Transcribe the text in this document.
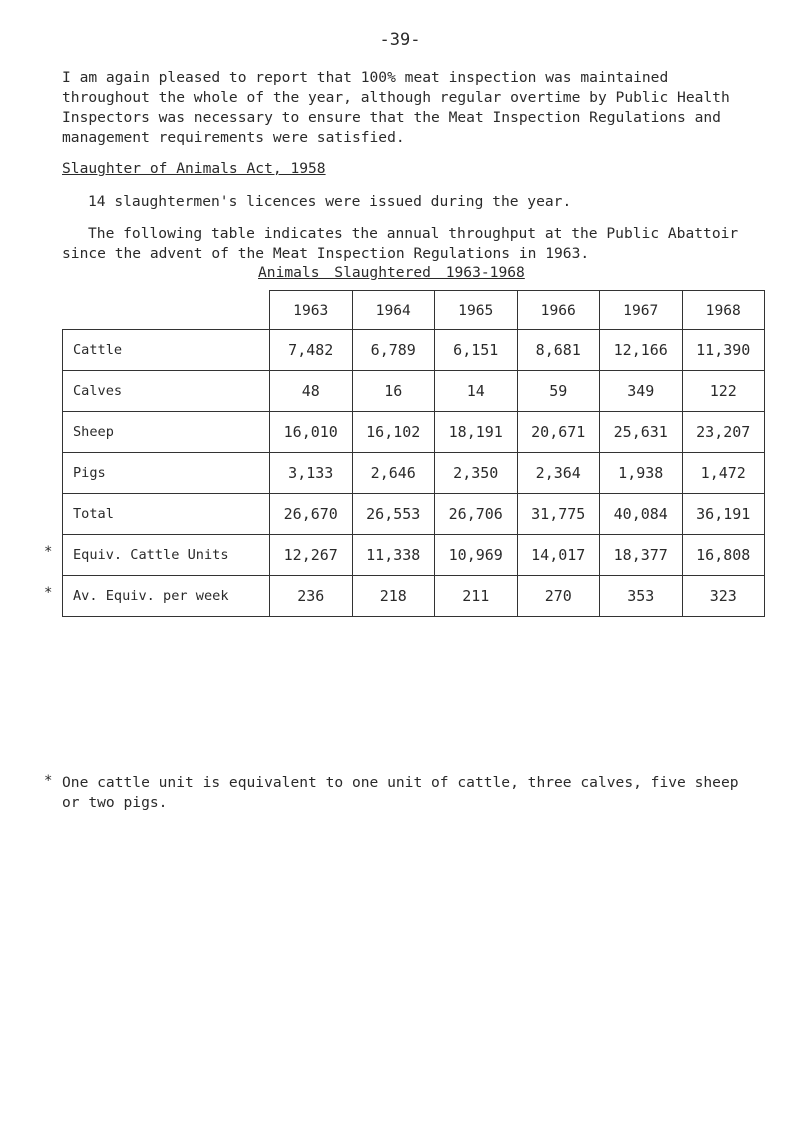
-39-

I am again pleased to report that 100% meat inspection was maintained throughout the whole of the year, although regular overtime by Public Health Inspectors was necessary to ensure that the Meat Inspection Regulations and management requirements were satisfied.

Slaughter of Animals Act, 1958

14 slaughtermen's licences were issued during the year.

The following table indicates the annual throughput at the Public Abattoir since the advent of the Meat Inspection Regulations in 1963.

Animals Slaughtered 1963-1968

	1963	1964	1965	1966	1967	1968
Cattle	7,482	6,789	6,151	8,681	12,166	11,390
Calves	48	16	14	59	349	122
Sheep	16,010	16,102	18,191	20,671	25,631	23,207
Pigs	3,133	2,646	2,350	2,364	1,938	1,472
Total	26,670	26,553	26,706	31,775	40,084	36,191
Equiv. Cattle Units	12,267	11,338	10,969	14,017	18,377	16,808
Av. Equiv. per week	236	218	211	270	353	323
*
*
* One cattle unit is equivalent to one unit of cattle, three calves, five sheep or two pigs.
